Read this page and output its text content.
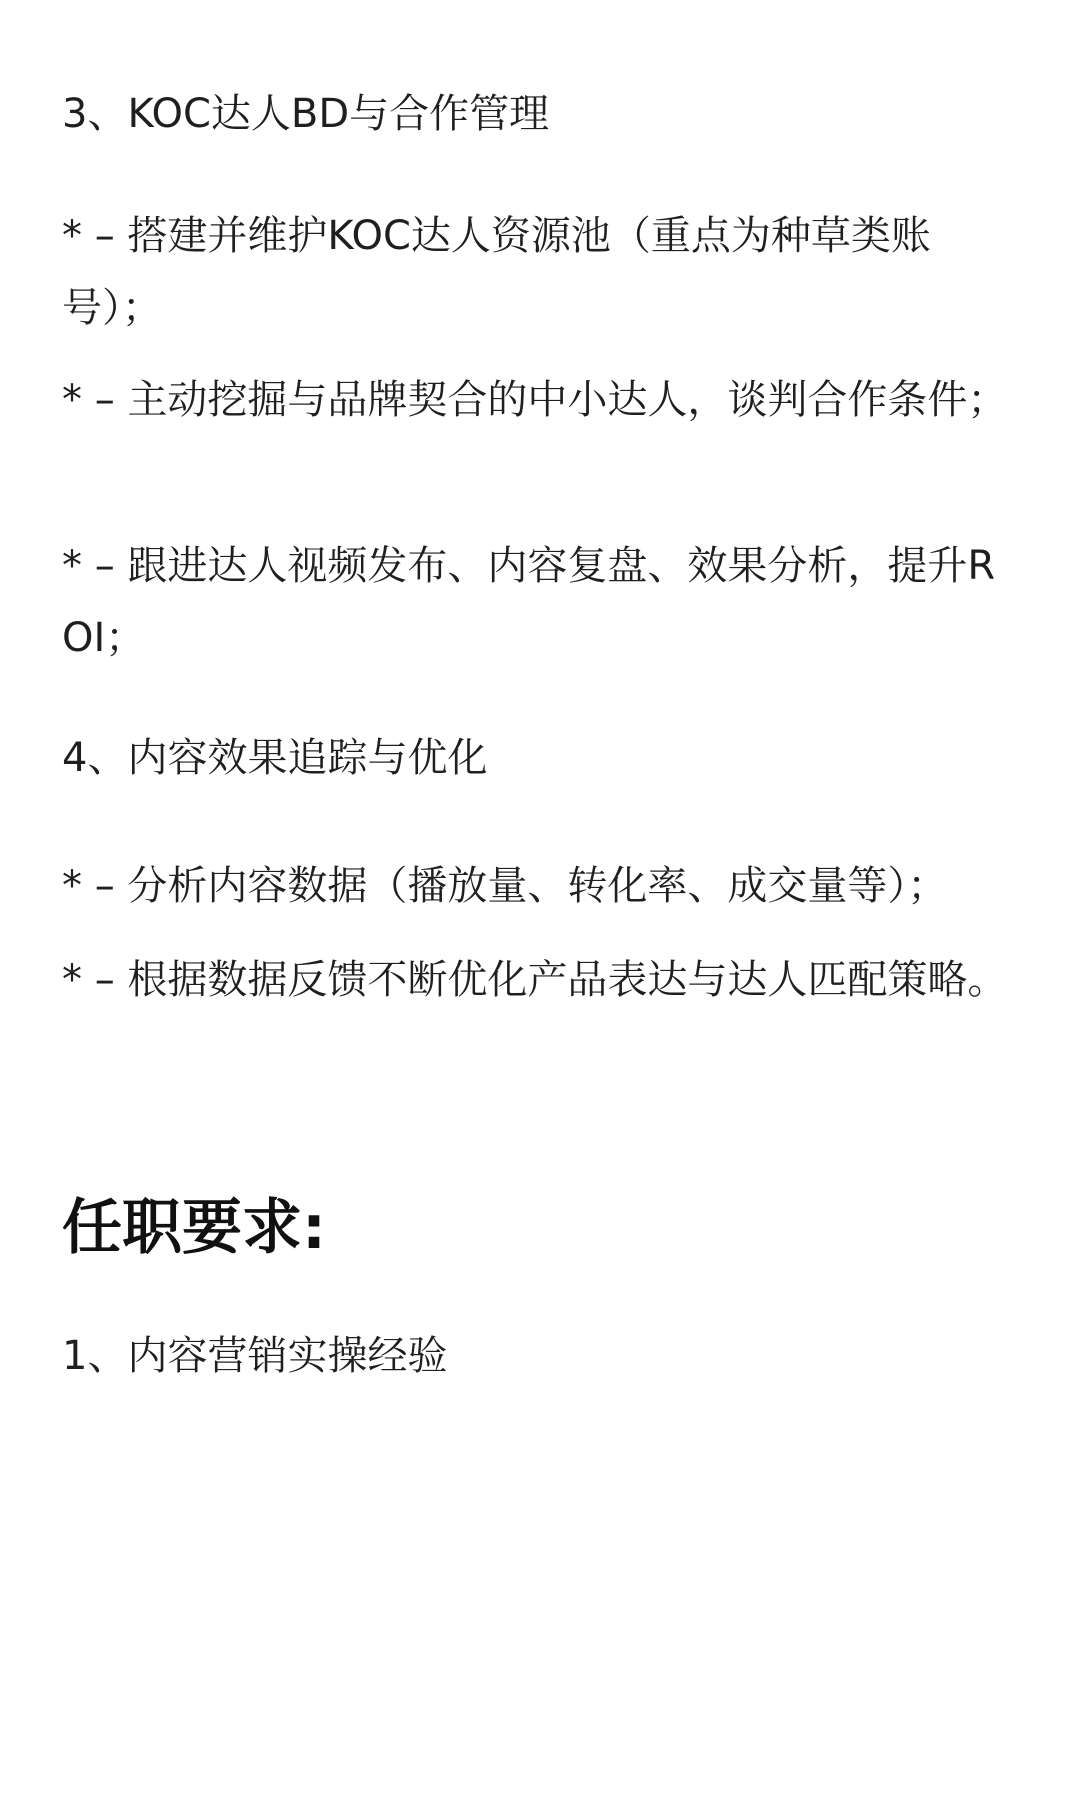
3、KOC达人BD与合作管理
* – 搭建并维护KOC达人资源池（重点为种草类账号）；
* – 主动挖掘与品牌契合的中小达人，谈判合作条件；
* – 跟进达人视频发布、内容复盘、效果分析，提升ROI；
4、内容效果追踪与优化
* – 分析内容数据（播放量、转化率、成交量等）；
* – 根据数据反馈不断优化产品表达与达人匹配策略。
任职要求:
1、内容营销实操经验
